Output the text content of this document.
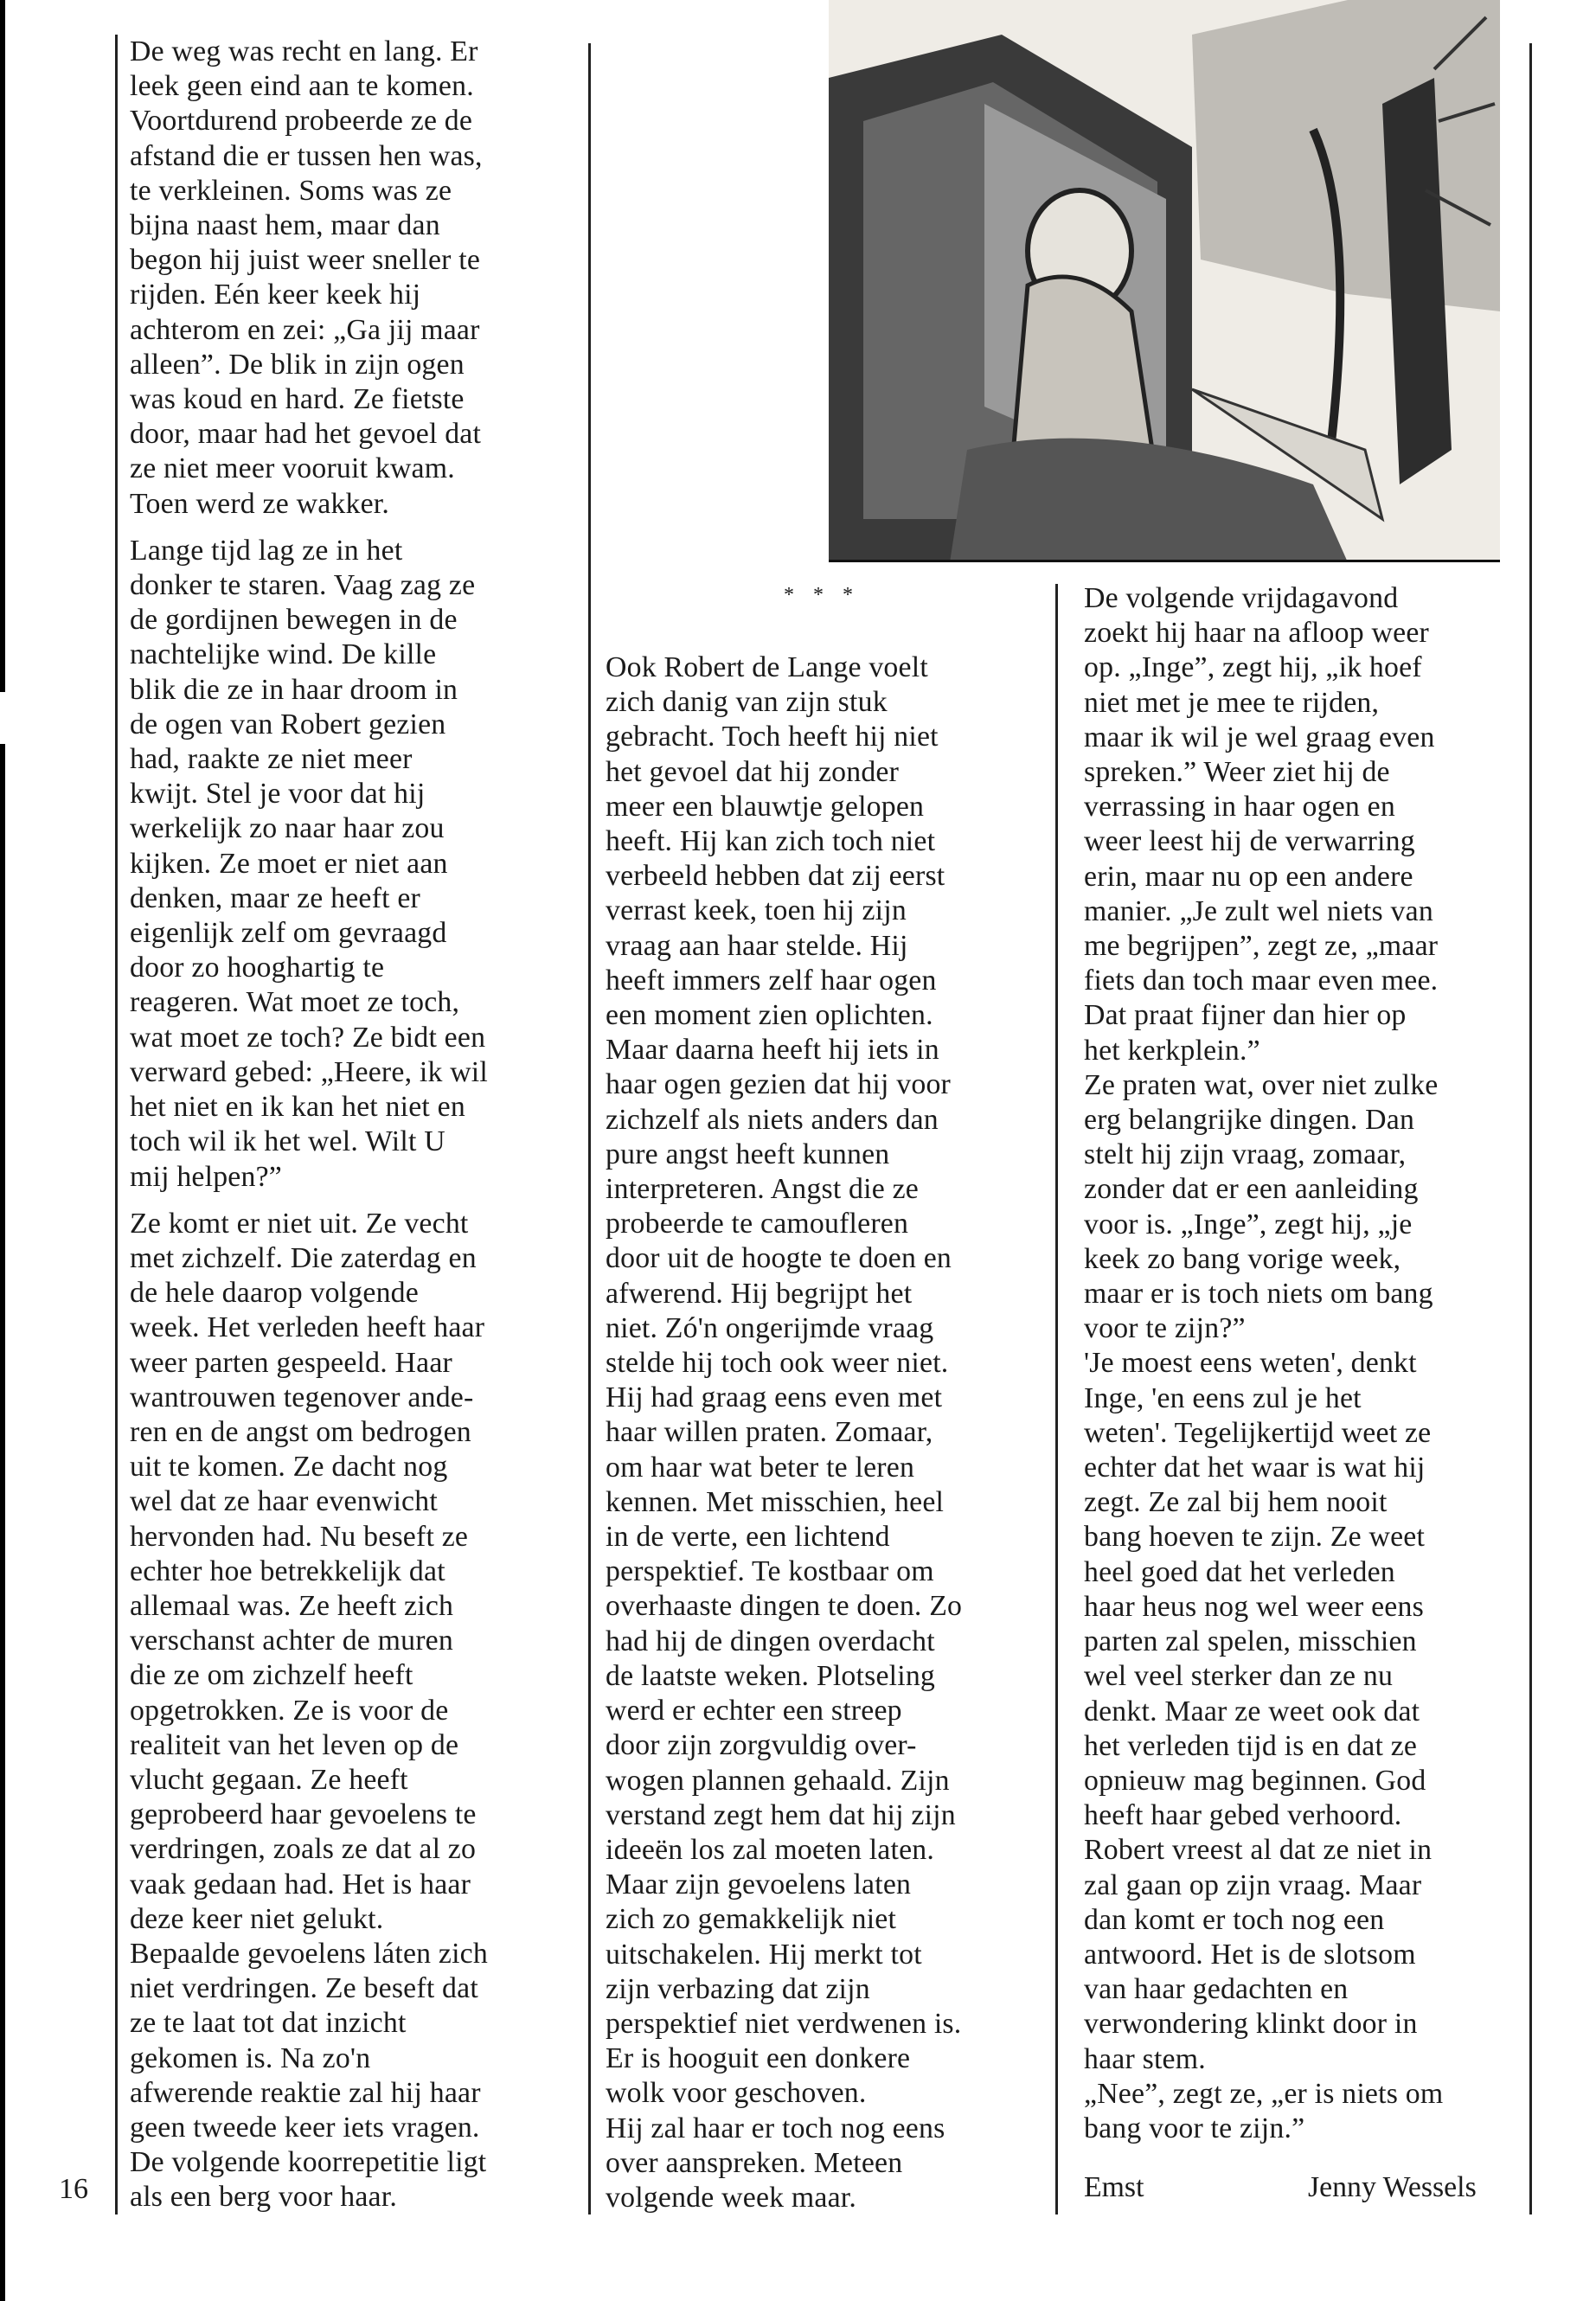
* * *

De weg was recht en lang. Er
leek geen eind aan te komen.
Voortdurend probeerde ze de
afstand die er tussen hen was,
te verkleinen. Soms was ze
bijna naast hem, maar dan
begon hij juist weer sneller te
rijden. Eén keer keek hij
achterom en zei: „Ga jij maar
alleen”. De blik in zijn ogen
was koud en hard. Ze fietste
door, maar had het gevoel dat
ze niet meer vooruit kwam.
Toen werd ze wakker.

Lange tijd lag ze in het
donker te staren. Vaag zag ze
de gordijnen bewegen in de
nachtelijke wind. De kille
blik die ze in haar droom in
de ogen van Robert gezien
had, raakte ze niet meer
kwijt. Stel je voor dat hij
werkelijk zo naar haar zou
kijken. Ze moet er niet aan
denken, maar ze heeft er
eigenlijk zelf om gevraagd
door zo hooghartig te
reageren. Wat moet ze toch,
wat moet ze toch? Ze bidt een
verward gebed: „Heere, ik wil
het niet en ik kan het niet en
toch wil ik het wel. Wilt U
mij helpen?”

Ze komt er niet uit. Ze vecht
met zichzelf. Die zaterdag en
de hele daarop volgende
week. Het verleden heeft haar
weer parten gespeeld. Haar
wantrouwen tegenover ande-
ren en de angst om bedrogen
uit te komen. Ze dacht nog
wel dat ze haar evenwicht
hervonden had. Nu beseft ze
echter hoe betrekkelijk dat
allemaal was. Ze heeft zich
verschanst achter de muren
die ze om zichzelf heeft
opgetrokken. Ze is voor de
realiteit van het leven op de
vlucht gegaan. Ze heeft
geprobeerd haar gevoelens te
verdringen, zoals ze dat al zo
vaak gedaan had. Het is haar
deze keer niet gelukt.
Bepaalde gevoelens láten zich
niet verdringen. Ze beseft dat
ze te laat tot dat inzicht
gekomen is. Na zo'n
afwerende reaktie zal hij haar
geen tweede keer iets vragen.
De volgende koorrepetitie ligt
als een berg voor haar.

Ook Robert de Lange voelt
zich danig van zijn stuk
gebracht. Toch heeft hij niet
het gevoel dat hij zonder
meer een blauwtje gelopen
heeft. Hij kan zich toch niet
verbeeld hebben dat zij eerst
verrast keek, toen hij zijn
vraag aan haar stelde. Hij
heeft immers zelf haar ogen
een moment zien oplichten.
Maar daarna heeft hij iets in
haar ogen gezien dat hij voor
zichzelf als niets anders dan
pure angst heeft kunnen
interpreteren. Angst die ze
probeerde te camoufleren
door uit de hoogte te doen en
afwerend. Hij begrijpt het
niet. Zó'n ongerijmde vraag
stelde hij toch ook weer niet.
Hij had graag eens even met
haar willen praten. Zomaar,
om haar wat beter te leren
kennen. Met misschien, heel
in de verte, een lichtend
perspektief. Te kostbaar om
overhaaste dingen te doen. Zo
had hij de dingen overdacht
de laatste weken. Plotseling
werd er echter een streep
door zijn zorgvuldig over-
wogen plannen gehaald. Zijn
verstand zegt hem dat hij zijn
ideeën los zal moeten laten.
Maar zijn gevoelens laten
zich zo gemakkelijk niet
uitschakelen. Hij merkt tot
zijn verbazing dat zijn
perspektief niet verdwenen is.
Er is hooguit een donkere
wolk voor geschoven.
Hij zal haar er toch nog eens
over aanspreken. Meteen
volgende week maar.

De volgende vrijdagavond
zoekt hij haar na afloop weer
op. „Inge”, zegt hij, „ik hoef
niet met je mee te rijden,
maar ik wil je wel graag even
spreken.” Weer ziet hij de
verrassing in haar ogen en
weer leest hij de verwarring
erin, maar nu op een andere
manier. „Je zult wel niets van
me begrijpen”, zegt ze, „maar
fiets dan toch maar even mee.
Dat praat fijner dan hier op
het kerkplein.”

Ze praten wat, over niet zulke
erg belangrijke dingen. Dan
stelt hij zijn vraag, zomaar,
zonder dat er een aanleiding
voor is. „Inge”, zegt hij, „je
keek zo bang vorige week,
maar er is toch niets om bang
voor te zijn?”

'Je moest eens weten', denkt
Inge, 'en eens zul je het
weten'. Tegelijkertijd weet ze
echter dat het waar is wat hij
zegt. Ze zal bij hem nooit
bang hoeven te zijn. Ze weet
heel goed dat het verleden
haar heus nog wel weer eens
parten zal spelen, misschien
wel veel sterker dan ze nu
denkt. Maar ze weet ook dat
het verleden tijd is en dat ze
opnieuw mag beginnen. God
heeft haar gebed verhoord.
Robert vreest al dat ze niet in
zal gaan op zijn vraag. Maar
dan komt er toch nog een
antwoord. Het is de slotsom
van haar gedachten en
verwondering klinkt door in
haar stem.

„Nee”, zegt ze, „er is niets om
bang voor te zijn.”

16	Emst	Jenny Wessels
